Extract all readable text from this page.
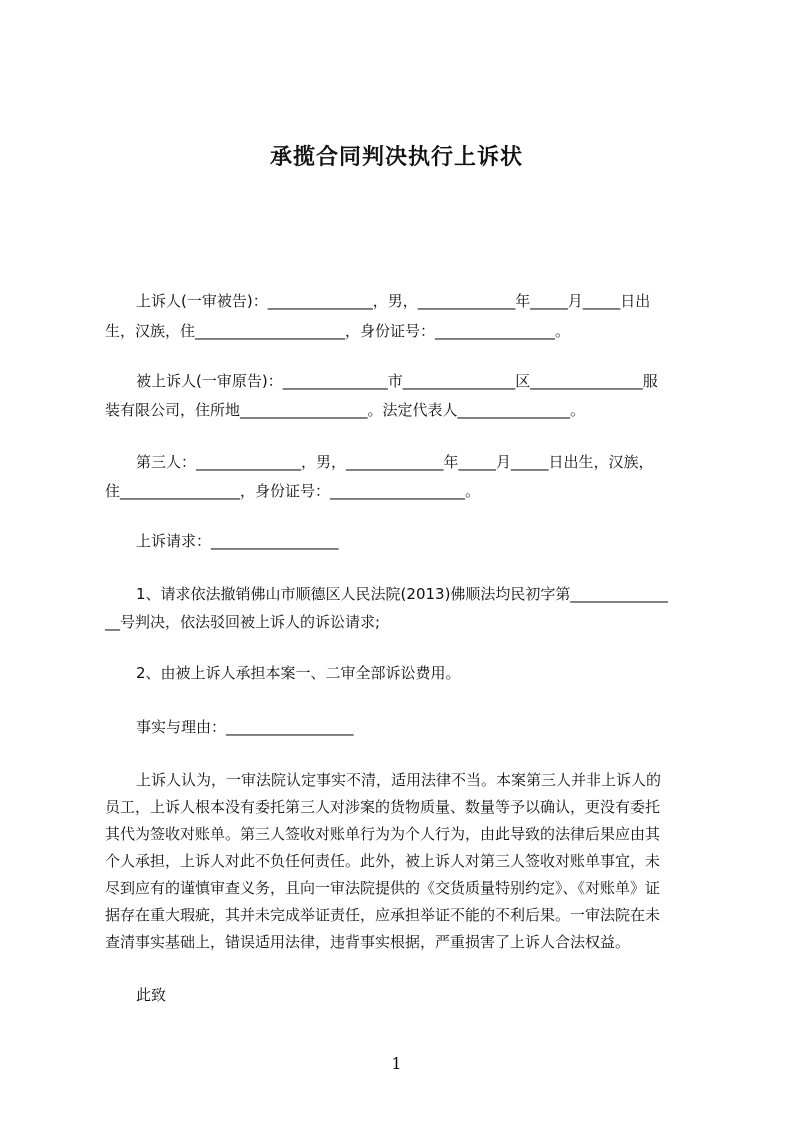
承揽合同判决执行上诉状
上诉人(一审被告)：______________，男，_____________年_____月_____日出
生，汉族，住____________________，身份证号：________________。
被上诉人(一审原告)：______________市_______________区_______________服
装有限公司，住所地_________________。法定代表人_______________。
第三人：______________，男，_____________年_____月_____日出生，汉族，
住________________，身份证号：__________________。
上诉请求：_________________
1、请求依法撤销佛山市顺德区人民法院(2013)佛顺法均民初字第_____________
__号判决，依法驳回被上诉人的诉讼请求;
2、由被上诉人承担本案一、二审全部诉讼费用。
事实与理由：_________________
上诉人认为，一审法院认定事实不清，适用法律不当。本案第三人并非上诉人的
员工，上诉人根本没有委托第三人对涉案的货物质量、数量等予以确认，更没有委托
其代为签收对账单。第三人签收对账单行为为个人行为，由此导致的法律后果应由其
个人承担，上诉人对此不负任何责任。此外，被上诉人对第三人签收对账单事宜，未
尽到应有的谨慎审查义务，且向一审法院提供的《交货质量特别约定》、《对账单》证
据存在重大瑕疵，其并未完成举证责任，应承担举证不能的不利后果。一审法院在未
查清事实基础上，错误适用法律，违背事实根据，严重损害了上诉人合法权益。
此致
1
